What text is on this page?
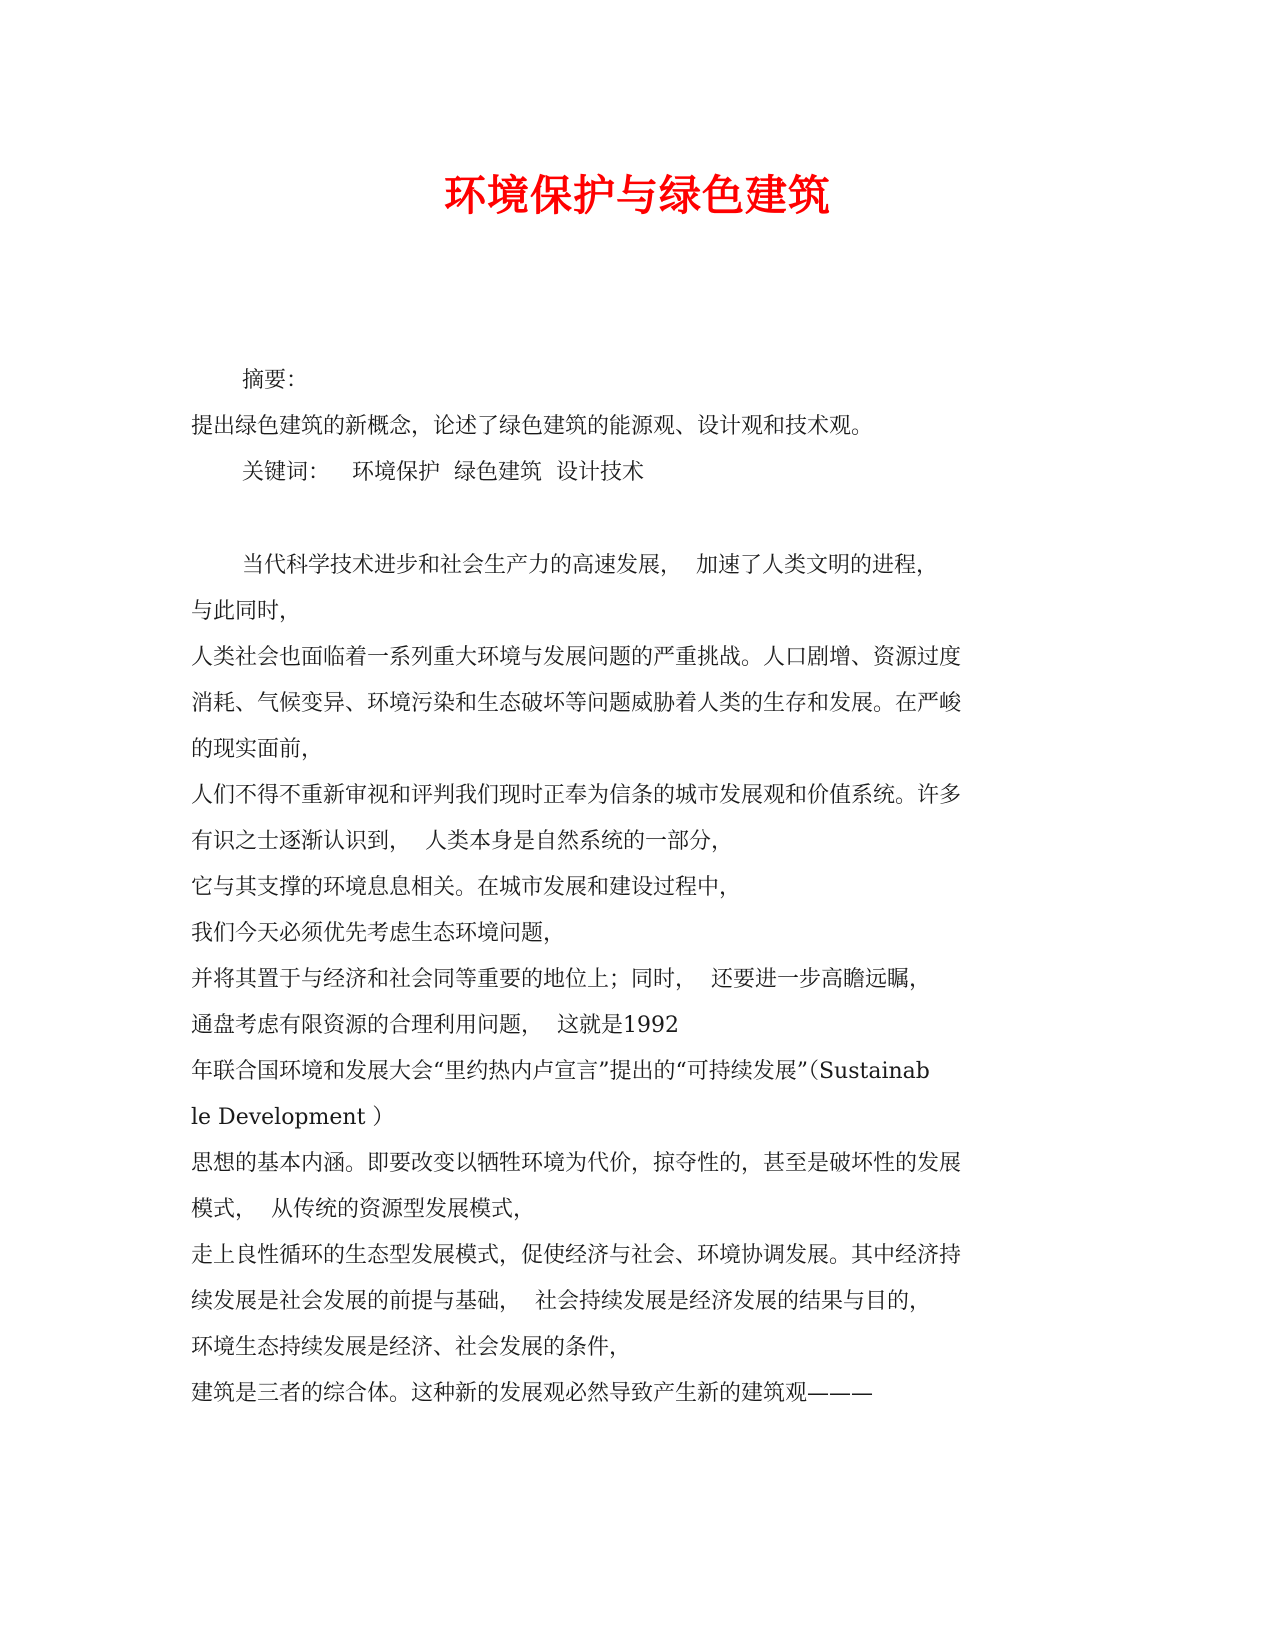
环境保护与绿色建筑
摘要：
提出绿色建筑的新概念，论述了绿色建筑的能源观、设计观和技术观。
关键词： 环境保护  绿色建筑  设计技术
当代科学技术进步和社会生产力的高速发展，  加速了人类文明的进程，
与此同时，
人类社会也面临着一系列重大环境与发展问题的严重挑战。人口剧增、资源过度
消耗、气候变异、环境污染和生态破坏等问题威胁着人类的生存和发展。在严峻
的现实面前，
人们不得不重新审视和评判我们现时正奉为信条的城市发展观和价值系统。许多
有识之士逐渐认识到，  人类本身是自然系统的一部分，
它与其支撑的环境息息相关。在城市发展和建设过程中，
我们今天必须优先考虑生态环境问题，
并将其置于与经济和社会同等重要的地位上；同时，  还要进一步高瞻远瞩，
通盘考虑有限资源的合理利用问题，  这就是1992
年联合国环境和发展大会“里约热内卢宣言”提出的“可持续发展”（Sustainab
le Development ）
思想的基本内涵。即要改变以牺牲环境为代价，掠夺性的，甚至是破坏性的发展
模式，  从传统的资源型发展模式，
走上良性循环的生态型发展模式，促使经济与社会、环境协调发展。其中经济持
续发展是社会发展的前提与基础，  社会持续发展是经济发展的结果与目的，
环境生态持续发展是经济、社会发展的条件，
建筑是三者的综合体。这种新的发展观必然导致产生新的建筑观———
